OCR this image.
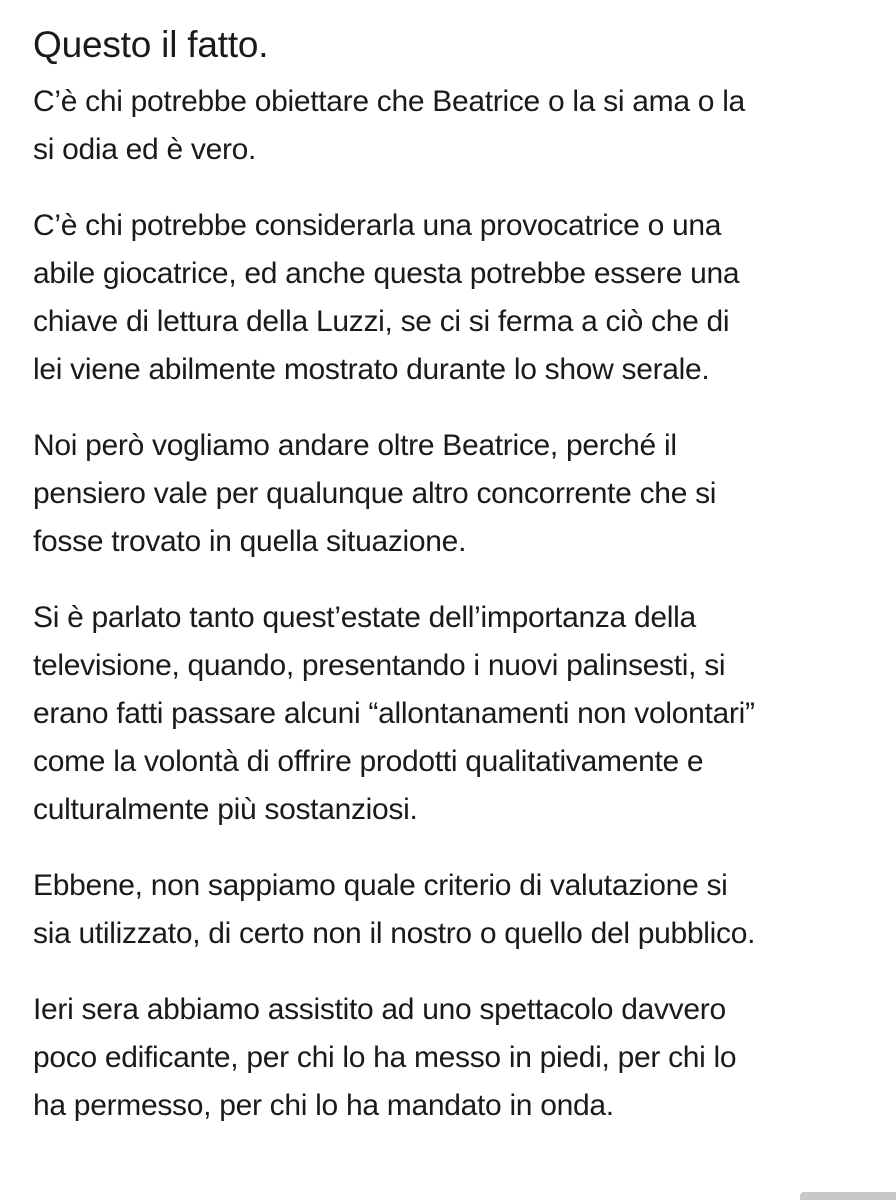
Questo il fatto.

C’è chi potrebbe obiettare che Beatrice o la si ama o la
si odia ed è vero.

C’è chi potrebbe considerarla una provocatrice o una
abile giocatrice, ed anche questa potrebbe essere una
chiave di lettura della Luzzi, se ci si ferma a ciò che di
lei viene abilmente mostrato durante lo show serale.

Noi però vogliamo andare oltre Beatrice, perché il
pensiero vale per qualunque altro concorrente che si
fosse trovato in quella situazione.

Si è parlato tanto quest’estate dell’importanza della
televisione, quando, presentando i nuovi palinsesti, si
erano fatti passare alcuni “allontanamenti non volontari”
come la volontà di offrire prodotti qualitativamente e
culturalmente più sostanziosi.

Ebbene, non sappiamo quale criterio di valutazione si
sia utilizzato, di certo non il nostro o quello del pubblico.

Ieri sera abbiamo assistito ad uno spettacolo davvero
poco edificante, per chi lo ha messo in piedi, per chi lo
ha permesso, per chi lo ha mandato in onda.
